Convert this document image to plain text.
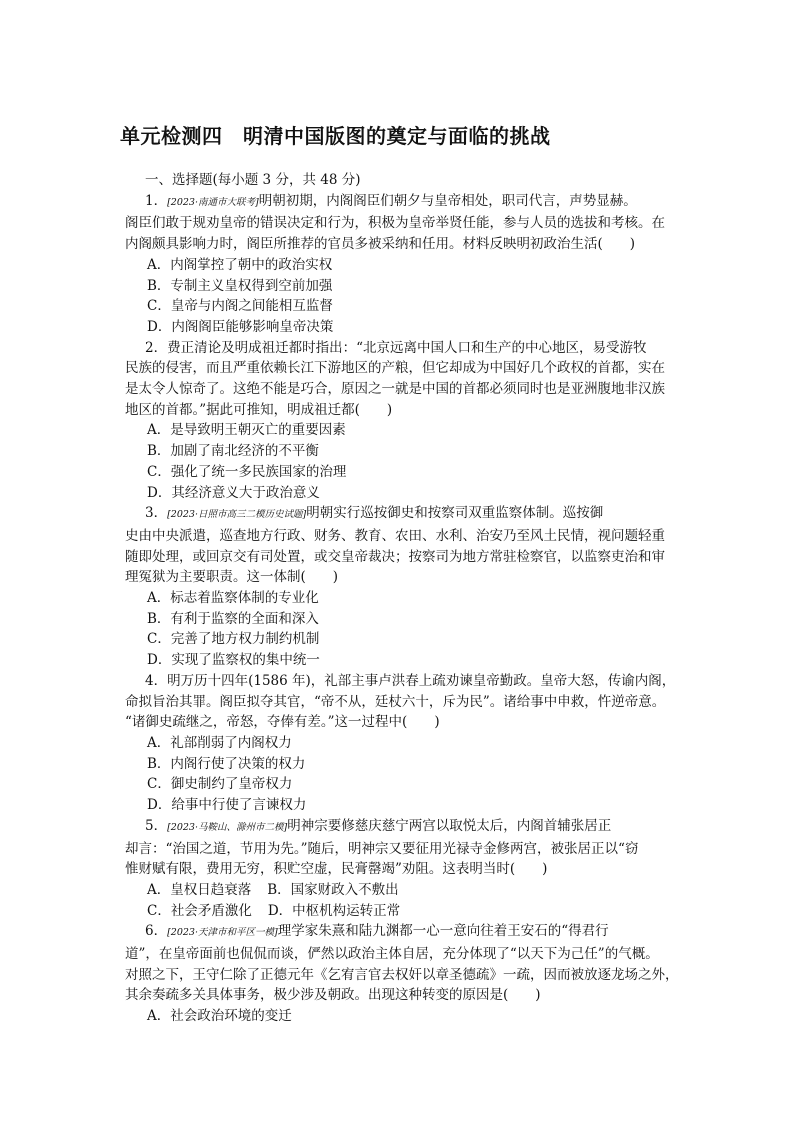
单元检测四　明清中国版图的奠定与面临的挑战
一、选择题(每小题 3 分，共 48 分)
1．[2023·南通市大联考]明朝初期，内阁阁臣们朝夕与皇帝相处，职司代言，声势显赫。
阁臣们敢于规劝皇帝的错误决定和行为，积极为皇帝举贤任能，参与人员的选拔和考核。在
内阁颇具影响力时，阁臣所推荐的官员多被采纳和任用。材料反映明初政治生活(　　)
A．内阁掌控了朝中的政治实权
B．专制主义皇权得到空前加强
C．皇帝与内阁之间能相互监督
D．内阁阁臣能够影响皇帝决策
2．费正清论及明成祖迁都时指出：“北京远离中国人口和生产的中心地区，易受游牧
民族的侵害，而且严重依赖长江下游地区的产粮，但它却成为中国好几个政权的首都，实在
是太令人惊奇了。这绝不能是巧合，原因之一就是中国的首都必须同时也是亚洲腹地非汉族
地区的首都。”据此可推知，明成祖迁都(　　)
A．是导致明王朝灭亡的重要因素
B．加剧了南北经济的不平衡
C．强化了统一多民族国家的治理
D．其经济意义大于政治意义
3．[2023·日照市高三二模历史试题]明朝实行巡按御史和按察司双重监察体制。巡按御
史由中央派遣，巡查地方行政、财务、教育、农田、水利、治安乃至风土民情，视问题轻重
随即处理，或回京交有司处置，或交皇帝裁决；按察司为地方常驻检察官，以监察吏治和审
理冤狱为主要职责。这一体制(　　)
A．标志着监察体制的专业化
B．有利于监察的全面和深入
C．完善了地方权力制约机制
D．实现了监察权的集中统一
4．明万历十四年(1586 年)，礼部主事卢洪春上疏劝谏皇帝勤政。皇帝大怒，传谕内阁，
命拟旨治其罪。阁臣拟夺其官，“帝不从，廷杖六十，斥为民”。诸给事中申救，忤逆帝意。
“诸御史疏继之，帝怒，夺俸有差。”这一过程中(　　)
A．礼部削弱了内阁权力
B．内阁行使了决策的权力
C．御史制约了皇帝权力
D．给事中行使了言谏权力
5．[2023·马鞍山、滁州市二模]明神宗要修慈庆慈宁两宫以取悦太后，内阁首辅张居正
却言：“治国之道，节用为先。”随后，明神宗又要征用光禄寺金修两宫，被张居正以“窃
惟财赋有限，费用无穷，积贮空虚，民膏罄竭”劝阻。这表明当时(　　)
A．皇权日趋衰落 B．国家财政入不敷出
C．社会矛盾激化 D．中枢机构运转正常
6．[2023·天津市和平区一模]理学家朱熹和陆九渊都一心一意向往着王安石的“得君行
道”，在皇帝面前也侃侃而谈，俨然以政治主体自居，充分体现了“以天下为己任”的气概。
对照之下，王守仁除了正德元年《乞宥言官去权奸以章圣德疏》一疏，因而被放逐龙场之外，
其余奏疏多关具体事务，极少涉及朝政。出现这种转变的原因是(　　)
A．社会政治环境的变迁
